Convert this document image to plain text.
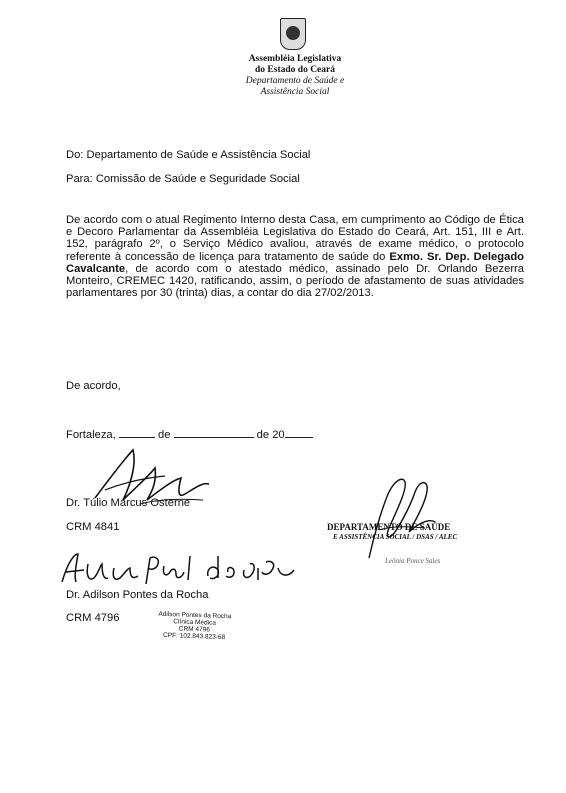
Assembléia Legislativa
do Estado do Ceará
Departamento de Saúde e
Assistência Social
Do: Departamento de Saúde e Assistência Social
Para: Comissão de Saúde e Seguridade Social

De acordo com o atual Regimento Interno desta Casa, em cumprimento ao Código de Ética e Decoro Parlamentar da Assembléia Legislativa do Estado do Ceará, Art. 151, III e Art. 152, parágrafo 2º, o Serviço Médico avaliou, através de exame médico, o protocolo referente à concessão de licença para tratamento de saúde do Exmo. Sr. Dep. Delegado Cavalcante, de acordo com o atestado médico, assinado pelo Dr. Orlando Bezerra Monteiro, CREMEC 1420, ratificando, assim, o período de afastamento de suas atividades parlamentares por 30 (trinta) dias, a contar do dia 27/02/2013.

De acordo,
Fortaleza,	de	de 20
Dr. Túlio Marcus Osterne
CRM 4841
Dr. Adilson Pontes da Rocha
CRM 4796	Adilson Pontes da Rocha
Clínica Médica
CRM 4796
CPF: 102.843.823-68
DEPARTAMENTO DE SAÚDE
E ASSISTÊNCIA SOCIAL / DSAS / ALEC
Leônia Ponce Sales
